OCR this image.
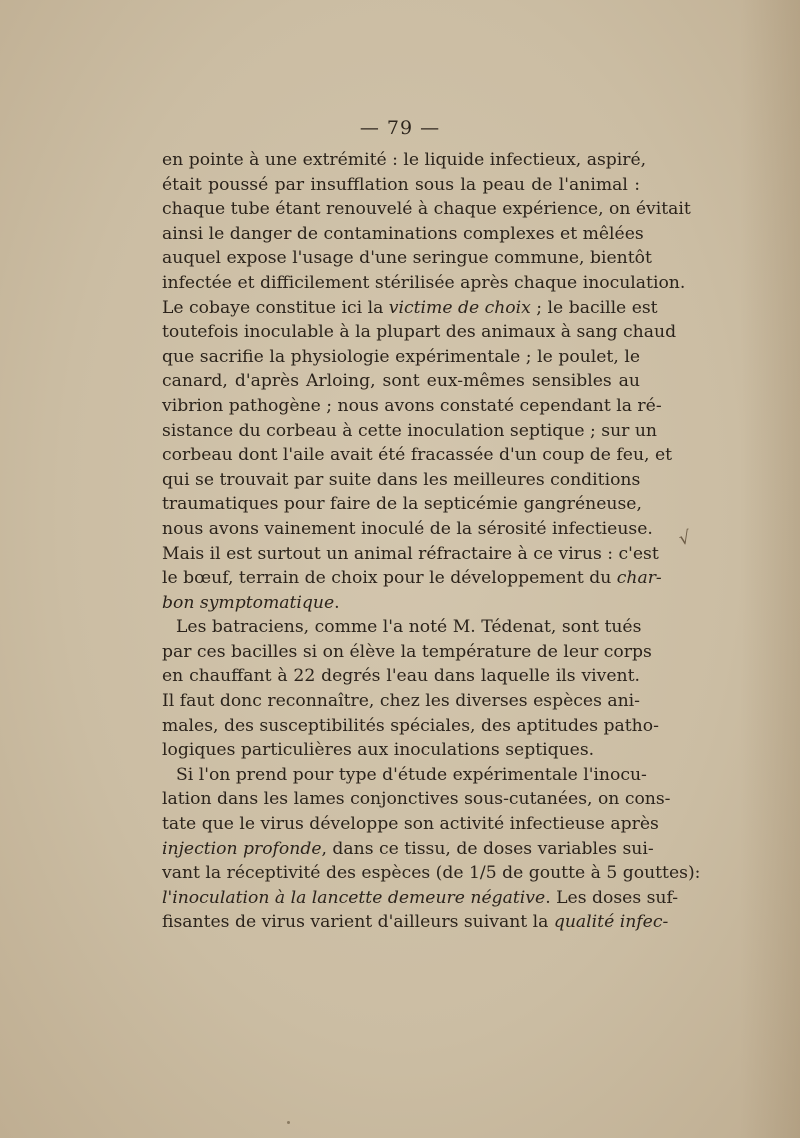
— 79 —
en pointe à une extrémité : le liquide infectieux, aspiré,
était poussé par insufflation sous la peau de l'animal :
chaque tube étant renouvelé à chaque expérience, on évitait
ainsi le danger de contaminations complexes et mêlées
auquel expose l'usage d'une seringue commune, bientôt
infectée et difficilement stérilisée après chaque inoculation.
Le cobaye constitue ici la victime de choix ; le bacille est
toutefois inoculable à la plupart des animaux à sang chaud
que sacrifie la physiologie expérimentale ; le poulet, le
canard, d'après Arloing, sont eux-mêmes sensibles au
vibrion pathogène ; nous avons constaté cependant la ré-
sistance du corbeau à cette inoculation septique ; sur un
corbeau dont l'aile avait été fracassée d'un coup de feu, et
qui se trouvait par suite dans les meilleures conditions
traumatiques pour faire de la septicémie gangréneuse,
nous avons vainement inoculé de la sérosité infectieuse.
Mais il est surtout un animal réfractaire à ce virus : c'est
le bœuf, terrain de choix pour le développement du char-
bon symptomatique.
Les batraciens, comme l'a noté M. Tédenat, sont tués
par ces bacilles si on élève la température de leur corps
en chauffant à 22 degrés l'eau dans laquelle ils vivent.
Il faut donc reconnaître, chez les diverses espèces ani-
males, des susceptibilités spéciales, des aptitudes patho-
logiques particulières aux inoculations septiques.
Si l'on prend pour type d'étude expérimentale l'inocu-
lation dans les lames conjonctives sous-cutanées, on cons-
tate que le virus développe son activité infectieuse après
injection profonde, dans ce tissu, de doses variables sui-
vant la réceptivité des espèces (de 1/5 de goutte à 5 gouttes):
l'inoculation à la lancette demeure négative. Les doses suf-
fisantes de virus varient d'ailleurs suivant la qualité infec-
√
